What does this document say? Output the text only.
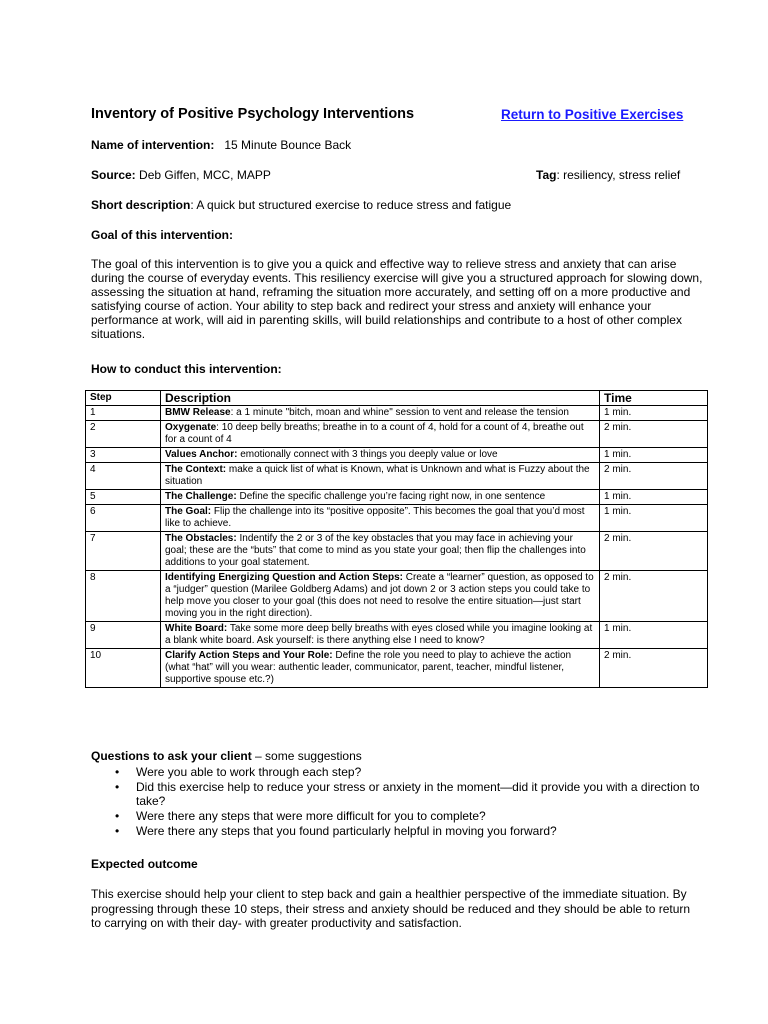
Inventory of Positive Psychology Interventions	Return to Positive Exercises
Name of intervention: 15 Minute Bounce Back
Source: Deb Giffen, MCC, MAPP	Tag: resiliency, stress relief
Short description: A quick but structured exercise to reduce stress and fatigue
Goal of this intervention:
The goal of this intervention is to give you a quick and effective way to relieve stress and anxiety that can arise during the course of everyday events. This resiliency exercise will give you a structured approach for slowing down, assessing the situation at hand, reframing the situation more accurately, and setting off on a more productive and satisfying course of action. Your ability to step back and redirect your stress and anxiety will enhance your performance at work, will aid in parenting skills, will build relationships and contribute to a host of other complex situations.
How to conduct this intervention:
Step	Description	Time
1	BMW Release: a 1 minute "bitch, moan and whine" session to vent and release the tension	1 min.
2	Oxygenate: 10 deep belly breaths; breathe in to a count of 4, hold for a count of 4, breathe out for a count of 4	2 min.
3	Values Anchor: emotionally connect with 3 things you deeply value or love	1 min.
4	The Context: make a quick list of what is Known, what is Unknown and what is Fuzzy about the situation	2 min.
5	The Challenge: Define the specific challenge you’re facing right now, in one sentence	1 min.
6	The Goal: Flip the challenge into its “positive opposite”. This becomes the goal that you’d most like to achieve.	1 min.
7	The Obstacles: Indentify the 2 or 3 of the key obstacles that you may face in achieving your goal; these are the “buts” that come to mind as you state your goal; then flip the challenges into additions to your goal statement.	2 min.
8	Identifying Energizing Question and Action Steps: Create a “learner” question, as opposed to a “judger” question (Marilee Goldberg Adams) and jot down 2 or 3 action steps you could take to help move you closer to your goal (this does not need to resolve the entire situation—just start moving you in the right direction).	2 min.
9	White Board: Take some more deep belly breaths with eyes closed while you imagine looking at a blank white board. Ask yourself: is there anything else I need to know?	1 min.
10	Clarify Action Steps and Your Role: Define the role you need to play to achieve the action (what “hat” will you wear: authentic leader, communicator, parent, teacher, mindful listener, supportive spouse etc.?)	2 min.
Questions to ask your client – some suggestions
• Were you able to work through each step?
• Did this exercise help to reduce your stress or anxiety in the moment—did it provide you with a direction to take?
• Were there any steps that were more difficult for you to complete?
• Were there any steps that you found particularly helpful in moving you forward?
Expected outcome
This exercise should help your client to step back and gain a healthier perspective of the immediate situation. By progressing through these 10 steps, their stress and anxiety should be reduced and they should be able to return to carrying on with their day- with greater productivity and satisfaction.
